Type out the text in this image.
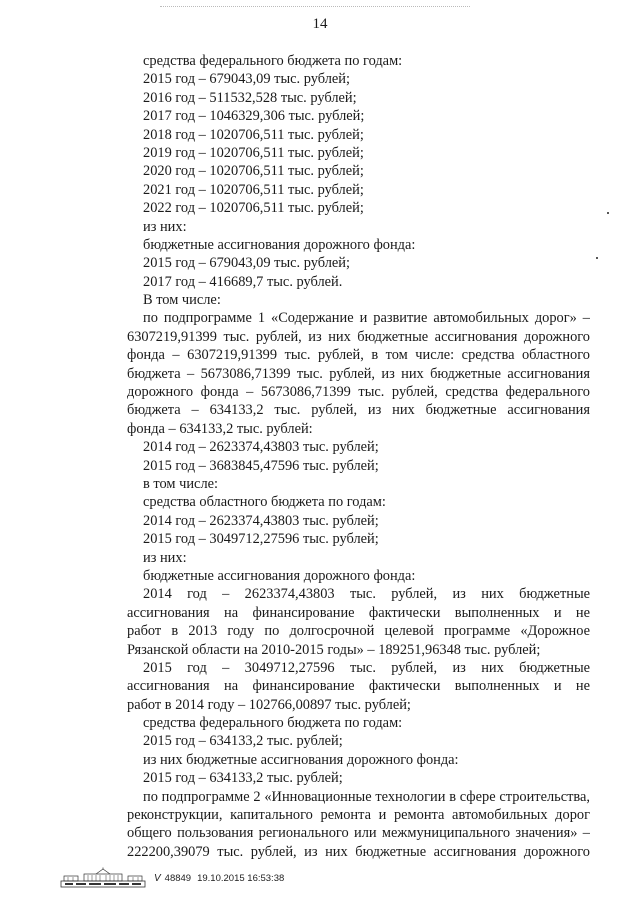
14
средства федерального бюджета по годам:
2015 год – 679043,09 тыс. рублей;
2016 год – 511532,528 тыс. рублей;
2017 год – 1046329,306 тыс. рублей;
2018 год – 1020706,511 тыс. рублей;
2019 год – 1020706,511 тыс. рублей;
2020 год – 1020706,511 тыс. рублей;
2021 год – 1020706,511 тыс. рублей;
2022 год – 1020706,511 тыс. рублей;
из них:
бюджетные ассигнования дорожного фонда:
2015 год – 679043,09 тыс. рублей;
2017 год – 416689,7 тыс. рублей.
В том числе:
по подпрограмме 1 «Содержание и развитие автомобильных дорог» –
6307219,91399 тыс. рублей, из них бюджетные ассигнования дорожного
фонда – 6307219,91399 тыс. рублей, в том числе: средства областного
бюджета – 5673086,71399 тыс. рублей, из них бюджетные ассигнования
дорожного фонда – 5673086,71399 тыс. рублей, средства федерального
бюджета – 634133,2 тыс. рублей, из них бюджетные ассигнования
фонда – 634133,2 тыс. рублей:
2014 год – 2623374,43803 тыс. рублей;
2015 год – 3683845,47596 тыс. рублей;
в том числе:
средства областного бюджета по годам:
2014 год – 2623374,43803 тыс. рублей;
2015 год – 3049712,27596 тыс. рублей;
из них:
бюджетные ассигнования дорожного фонда:
2014 год – 2623374,43803 тыс. рублей, из них бюджетные
ассигнования на финансирование фактически выполненных и не
работ в 2013 году по долгосрочной целевой программе «Дорожное
Рязанской области на 2010-2015 годы» – 189251,96348 тыс. рублей;
2015 год – 3049712,27596 тыс. рублей, из них бюджетные
ассигнования на финансирование фактически выполненных и не
работ в 2014 году – 102766,00897 тыс. рублей;
средства федерального бюджета по годам:
2015 год – 634133,2 тыс. рублей;
из них бюджетные ассигнования дорожного фонда:
2015 год – 634133,2 тыс. рублей;
по подпрограмме 2 «Инновационные технологии в сфере строительства,
реконструкции, капитального ремонта и ремонта автомобильных дорог
общего пользования регионального или межмуниципального значения» –
222200,39079 тыс. рублей, из них бюджетные ассигнования дорожного
V 48849 19.10.2015 16:53:38
